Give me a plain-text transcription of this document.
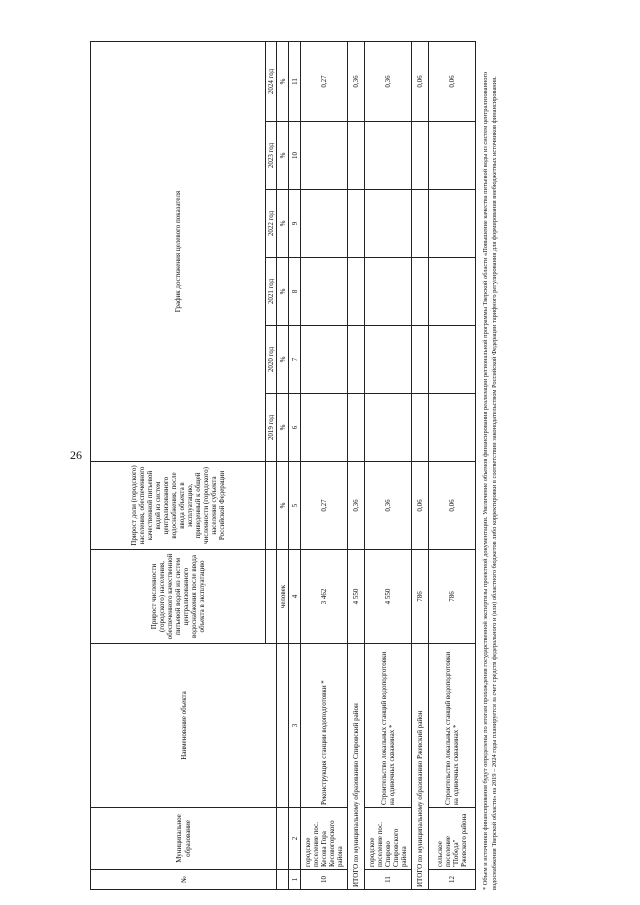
26
№	Муниципальное образование	Наименование объекта	Прирост численности (городского) населения, обеспеченного качественной питьевой водой из систем централизованного водоснабжения после ввода объекта в эксплуатацию	Прирост доли (городского) населения, обеспеченного качественной питьевой водой из систем централизованного водоснабжения, после ввода объекта в эксплуатацию, приведенный к общей численности (городского) населения субъекта Российской Федерации	График достижения целевого показателя					
					2019 год	2020 год	2021 год	2022 год	2023 год	2024 год
			человек	%	%	%	%	%	%	%
1	2	3	4	5	6	7	8	9	10	11
10	городское поселение пос. Кесова Гора Кесовогорского района	Реконструкция станции водоподготовки *	3 462	0,27						0,27
ИТОГО по муниципальному образованию Спировский район			4 550	0,36						0,36
11	городское поселение пос. Спирово Спировского района	Строительство локальных станций водоподготовки на одиночных скважинах *	4 550	0,36						0,36
ИТОГО по муниципальному образованию Ржевский район			786	0,06						0,06
12	сельское поселение "Победа" Ржевского района	Строительство локальных станций водоподготовки на одиночных скважинах *	786	0,06						0,06	* Объем и источники финансирования будут определены по итогам прохождения государственной экспертизы проектной документации. Увеличение объемов финансирования реализации региональной программы Тверской области «Повышение качества питьевой воды из систем централизованного водоснабжения Тверской области» на 2019 – 2024 годы планируется за счет средств федерального и (или) областного бюджетов либо корректировки в соответствии законодательством Российской Федерации тарифного регулирования для формирования внебюджетных источников финансирования.
